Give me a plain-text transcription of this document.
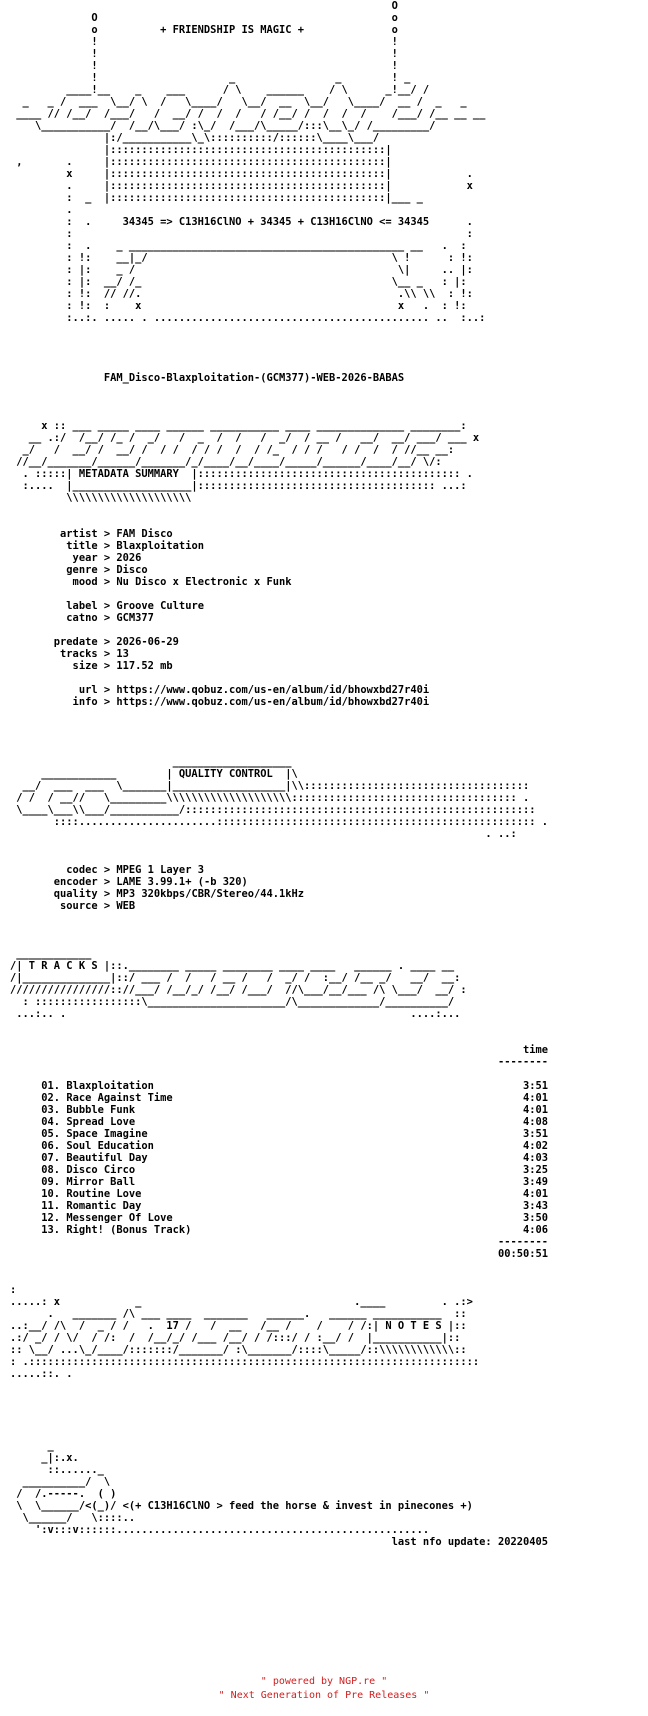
O
O                                               o
o          + FRIENDSHIP IS MAGIC +              o
!                                               !
!                                               !
!                                               !
!                     _                _        ! _
____!__    _    ___      / \    ______    / \      _!__/ /
_   _ /  ___  \__/ \  /   \____/   \__/  __  \__/   \____/  __ /  _   _
____ // /__/  /___/   /  __/ /  /  /   / /__/ /  /  /  /    /___/ /__ __ __
\___________/  /__/\___/ :\_/  /___/\_____/:::\__\_/ /_________/
|:/___________\_\::::::::::/::::::\____\___/
|::::::::::::::::::::::::::::::::::::::::::::|
,       .     |::::::::::::::::::::::::::::::::::::::::::::|
x     |::::::::::::::::::::::::::::::::::::::::::::|            .
.     |::::::::::::::::::::::::::::::::::::::::::::|            x
:  _  |::::::::::::::::::::::::::::::::::::::::::::|___ _
.
:  .     34345 => C13H16ClNO + 34345 + C13H16ClNO <= 34345      .
:                                                               :
:  .    _ ____________________________________________ __   .  :
: !:    __|_/                                       \ !      : !:
: |:    _ /                                          \|     .. |:
: |:  __/ /_                                        \__ _   : |:
: !:  // //.                                         .\\ \\  : !:
: !:  :    x                                         x   .  : !:
:..:. ..... . ............................................ ..  :..:

FAM_Disco-Blaxploitation-(GCM377)-WEB-2026-BABAS

x :: ___ _____ ____ ______ ___________ ____ ______________ ________:
__ .:/  /__/ /_ /  _/   /  _  /  /   /  _/  / __ /   __/  __/ ___/ ___ x
_/   /  __/ /  __/ /  / /  / / /  /  / /_  / / /   / /  /  / //__ __:
//__/_______/______/_______/_/____/__/____/_____/______/____/__/ \/:
. :::::| METADATA SUMMARY  |:::::::::::::::::::::::::::::::::::::::::: .
:....  |___________________|:::::::::::::::::::::::::::::::::::::: ...:
\\\\\\\\\\\\\\\\\\\\

artist > FAM Disco
title > Blaxploitation
year > 2026
genre > Disco
mood > Nu Disco x Electronic x Funk

label > Groove Culture
catno > GCM377

predate > 2026-06-29
tracks > 13
size > 117.52 mb

url > https://www.qobuz.com/us-en/album/id/bhowxbd27r40i
info > https://www.qobuz.com/us-en/album/id/bhowxbd27r40i

___________________
____________        | QUALITY CONTROL  |\
__/  ___  ___  \_______|__________________|\\::::::::::::::::::::::::::::::::::::
/ /  / __//   \_________\\\\\\\\\\\\\\\\\\\\:::::::::::::::::::::::::::::::::::: .
\____\___\\___/___________/::::::::::::::::::::::::::::::::::::::::::::::::::::::::
::::......................::::::::::::::::::::::::::::::::::::::::::::::::::: .
. ..:

codec > MPEG 1 Layer 3
encoder > LAME 3.99.1+ (-b 320)
quality > MP3 320kbps/CBR/Stereo/44.1kHz
source > WEB

____________
/| T R A C K S |::.________ _____ ________ ____ ____   ______ . ____ __
/|______________|::/ ___ /  /   / __ /   /  _/ /  :__/ /__ _/   __/  __:
////////////////:://___/ /__/_/ /__/ /___/  //\___/__/___ /\ \___/  __/ :
: :::::::::::::::::\______________________/\_____________/__________/
...:.. .                                                       ....:...

time
--------

01. Blaxploitation                                                           3:51
02. Race Against Time                                                        4:01
03. Bubble Funk                                                              4:01
04. Spread Love                                                              4:08
05. Space Imagine                                                            3:51
06. Soul Education                                                           4:02
07. Beautiful Day                                                            4:03
08. Disco Circo                                                              3:25
09. Mirror Ball                                                              3:49
10. Routine Love                                                             4:01
11. Romantic Day                                                             3:43
12. Messenger Of Love                                                        3:50
13. Right! (Bonus Track)                                                     4:06
--------
00:50:51

:
.....: x            _                                  .____         . .:>
.   _______ /\ ___ ____  _______   ______.   ______ ___________  ::
..:__/ /\  /  _ / /   .  17 /   /  __   /__ /    /    / /:| N O T E S |::
.:/ _/ / \/  / /:  /  /__/_/ /___ /__/ / /:::/ / :__/ /  |___________|::
:: \__/ ...\_/____/:::::::/_______/ :\_______/::::\_____/::\\\\\\\\\\\\::
: .::::::::::::::::::::::::::::::::::::::::::::::::::::::::::::::::::::::::
.....::. .

_
_|:.x.
::......_
__________/  \
/  /.-----.  ( )
\  \______/<(_)/ <(+ C13H16ClNO > feed the horse & invest in pinecones +)
\______/   \::::..
':v:::v::::::..................................................

last nfo update: 20220405
" powered by NGP.re "
" Next Generation of Pre Releases "
